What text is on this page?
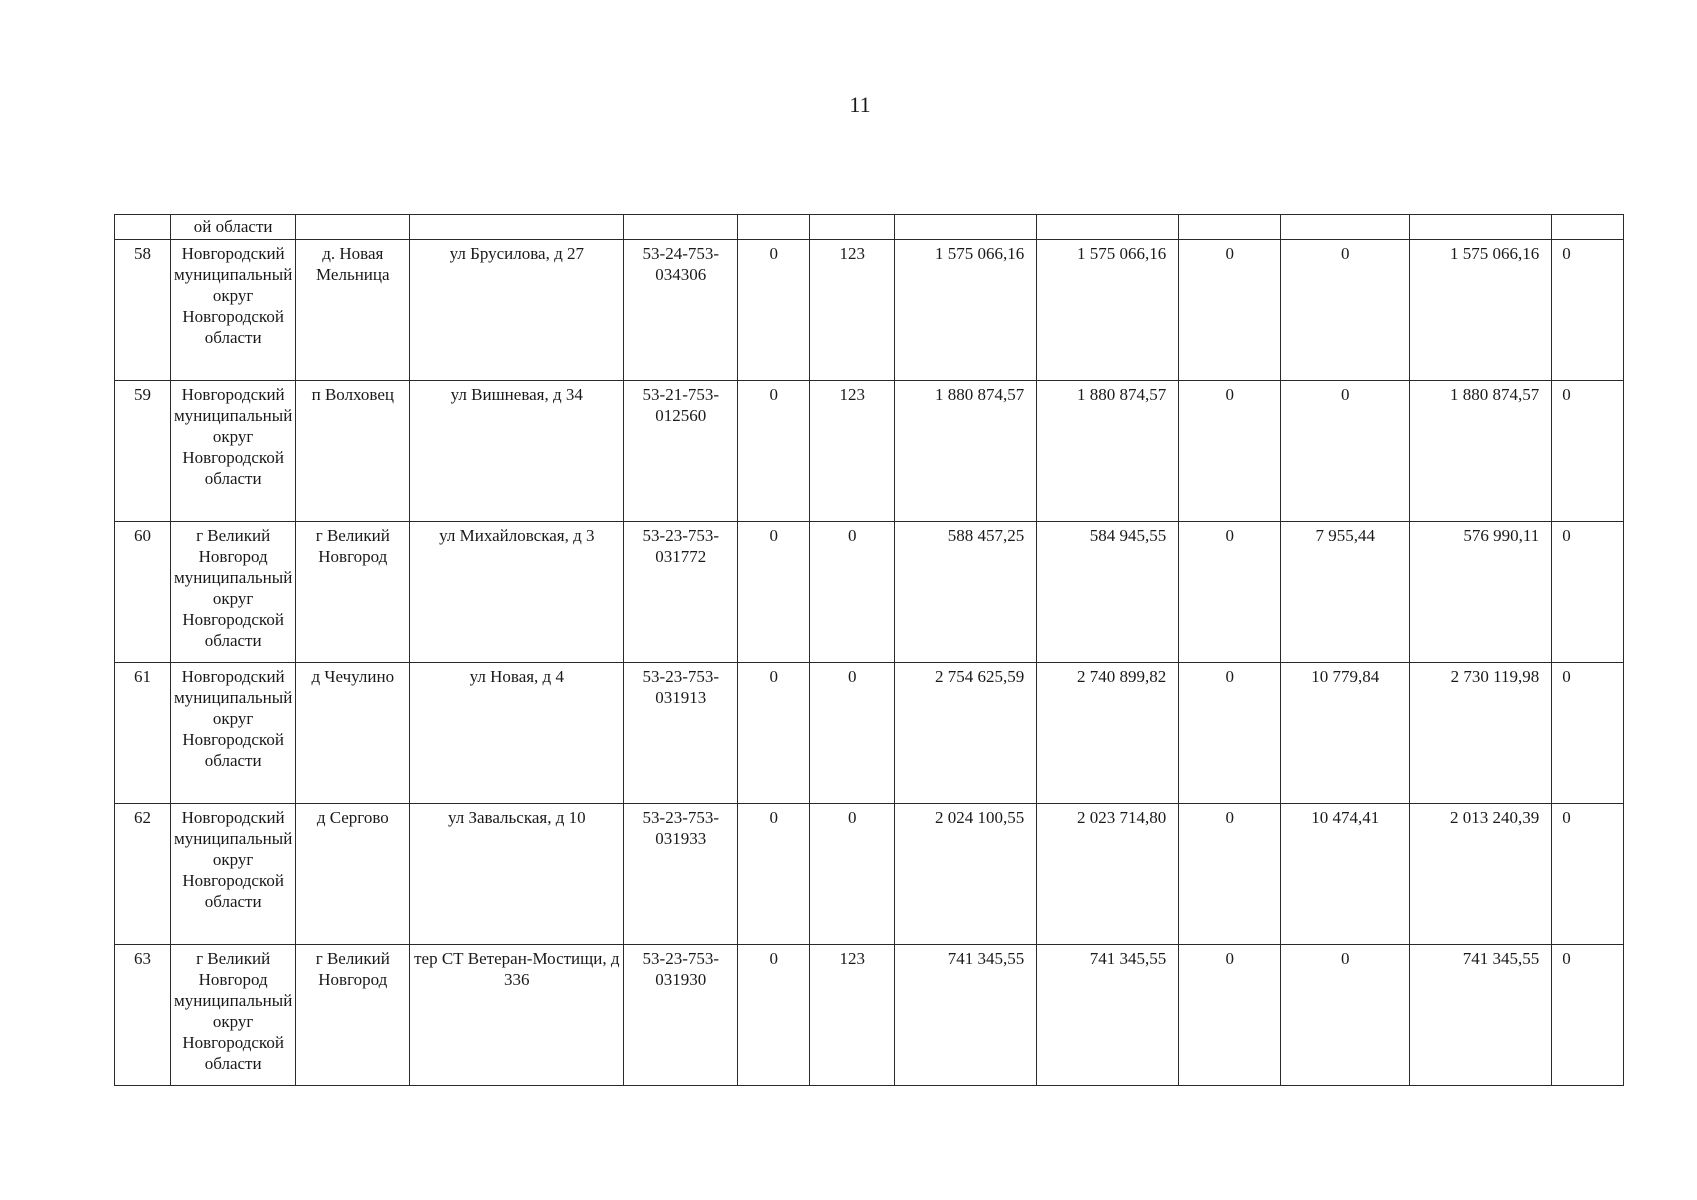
11
	ой области											
58	Новгородский муниципальный округ Новгородской области	д. Новая Мельница	ул Брусилова, д 27	53-24-753-034306	0	123	1 575 066,16	1 575 066,16	0	0	1 575 066,16	0
59	Новгородский муниципальный округ Новгородской области	п Волховец	ул Вишневая, д 34	53-21-753-012560	0	123	1 880 874,57	1 880 874,57	0	0	1 880 874,57	0
60	г Великий Новгород муниципальный округ Новгородской области	г Великий Новгород	ул Михайловская, д 3	53-23-753-031772	0	0	588 457,25	584 945,55	0	7 955,44	576 990,11	0
61	Новгородский муниципальный округ Новгородской области	д Чечулино	ул Новая, д 4	53-23-753-031913	0	0	2 754 625,59	2 740 899,82	0	10 779,84	2 730 119,98	0
62	Новгородский муниципальный округ Новгородской области	д Сергово	ул Завальская, д 10	53-23-753-031933	0	0	2 024 100,55	2 023 714,80	0	10 474,41	2 013 240,39	0
63	г Великий Новгород муниципальный округ Новгородской области	г Великий Новгород	тер СТ Ветеран-Мостищи, д 336	53-23-753-031930	0	123	741 345,55	741 345,55	0	0	741 345,55	0
